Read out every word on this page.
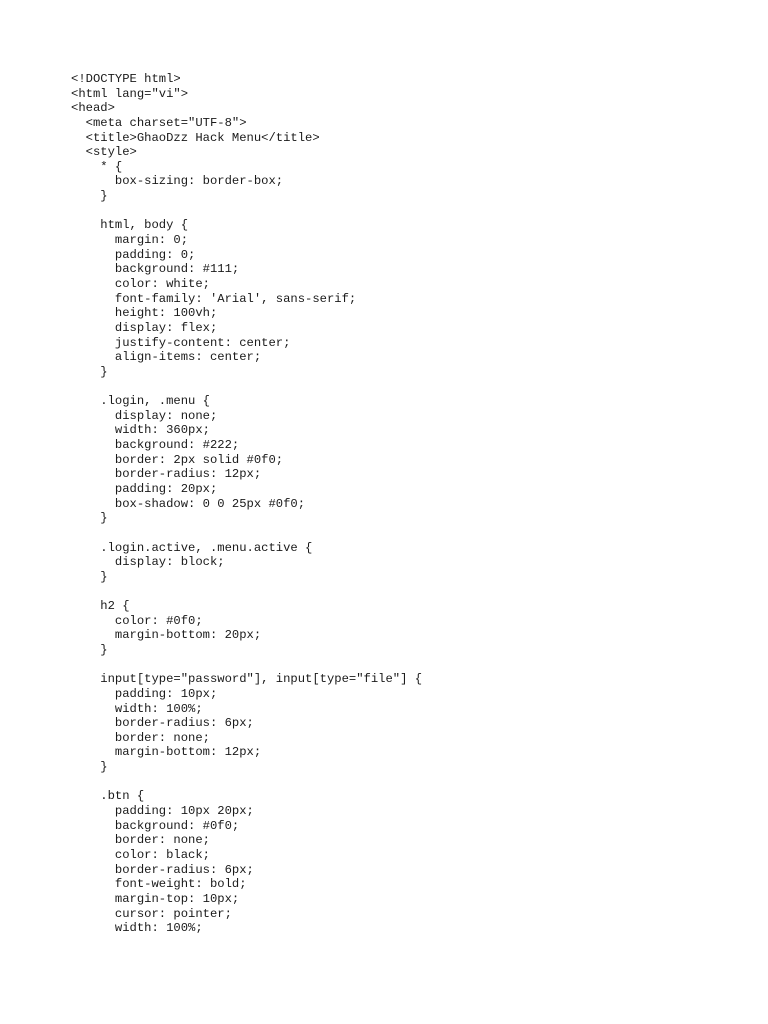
<!DOCTYPE html>
<html lang="vi">
<head>
<meta charset="UTF-8">
<title>GhaoDzz Hack Menu</title>
<style>
* {
box-sizing: border-box;
}
html, body {
margin: 0;
padding: 0;
background: #111;
color: white;
font-family: 'Arial', sans-serif;
height: 100vh;
display: flex;
justify-content: center;
align-items: center;
}
.login, .menu {
display: none;
width: 360px;
background: #222;
border: 2px solid #0f0;
border-radius: 12px;
padding: 20px;
box-shadow: 0 0 25px #0f0;
}
.login.active, .menu.active {
display: block;
}
h2 {
color: #0f0;
margin-bottom: 20px;
}
input[type="password"], input[type="file"] {
padding: 10px;
width: 100%;
border-radius: 6px;
border: none;
margin-bottom: 12px;
}
.btn {
padding: 10px 20px;
background: #0f0;
border: none;
color: black;
border-radius: 6px;
font-weight: bold;
margin-top: 10px;
cursor: pointer;
width: 100%;
